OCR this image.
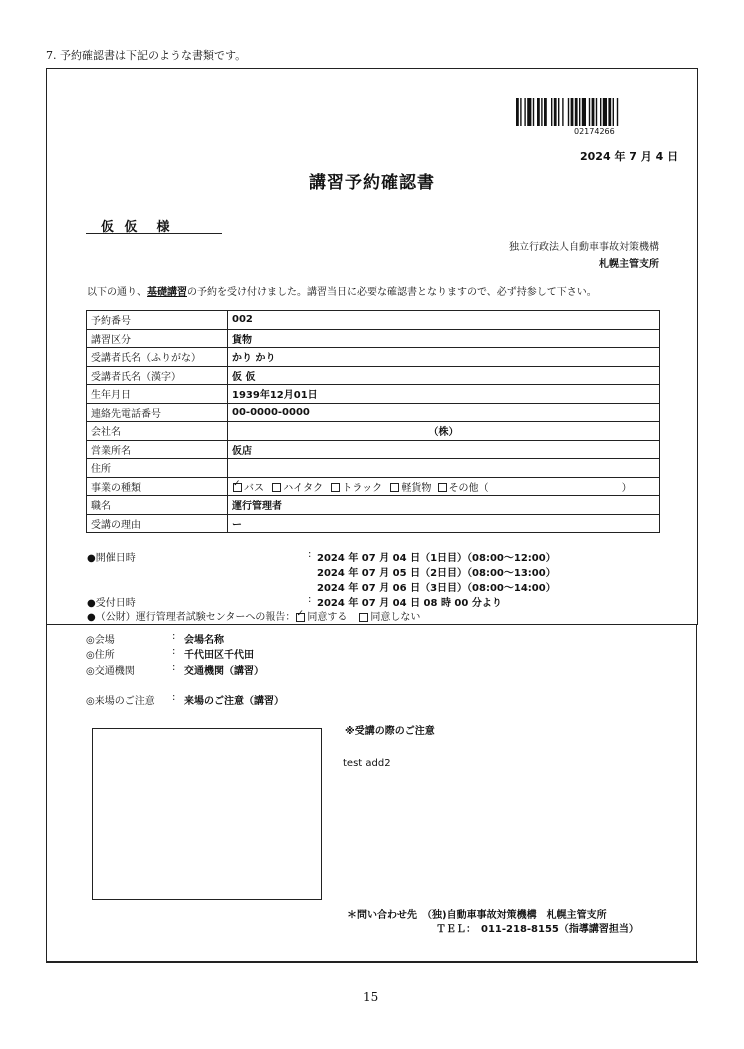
7. 予約確認書は下記のような書類です。
02174266
2024 年 7 月 4 日
講習予約確認書
仮 仮　様
独立行政法人自動車事故対策機構
札幌主管支所
以下の通り、基礎講習の予約を受け付けました。講習当日に必要な確認書となりますので、必ず持参して下さい。
予約番号	002
講習区分	貨物
受講者氏名（ふりがな）	かり かり
受講者氏名（漢字）	仮 仮
生年月日	1939年12月01日
連絡先電話番号	00-0000-0000
会社名	（株）
営業所名	仮店
住所	
事業の種類	✓バス ハイタク トラック 軽貨物 その他（ ）
職名	運行管理者
受講の理由	ー
●開催日時	: 2024 年 07 月 04 日（1日目）（08:00～12:00）
2024 年 07 月 05 日（2日目）（08:00～13:00）
2024 年 07 月 06 日（3日目）（08:00～14:00）
●受付日時	: 2024 年 07 月 04 日 08 時 00 分より
●（公財）運行管理者試験センターへの報告： ✓ 同意する 同意しない
◎会場	: 会場名称
◎住所	: 千代田区千代田
◎交通機関	: 交通機関（講習）
◎来場のご注意 : 来場のご注意（講習）
※受講の際のご注意
test add2
＊問い合わせ先　（独)自動車事故対策機構　札幌主管支所
ＴＥＬ：　011-218-8155（指導講習担当）
15
